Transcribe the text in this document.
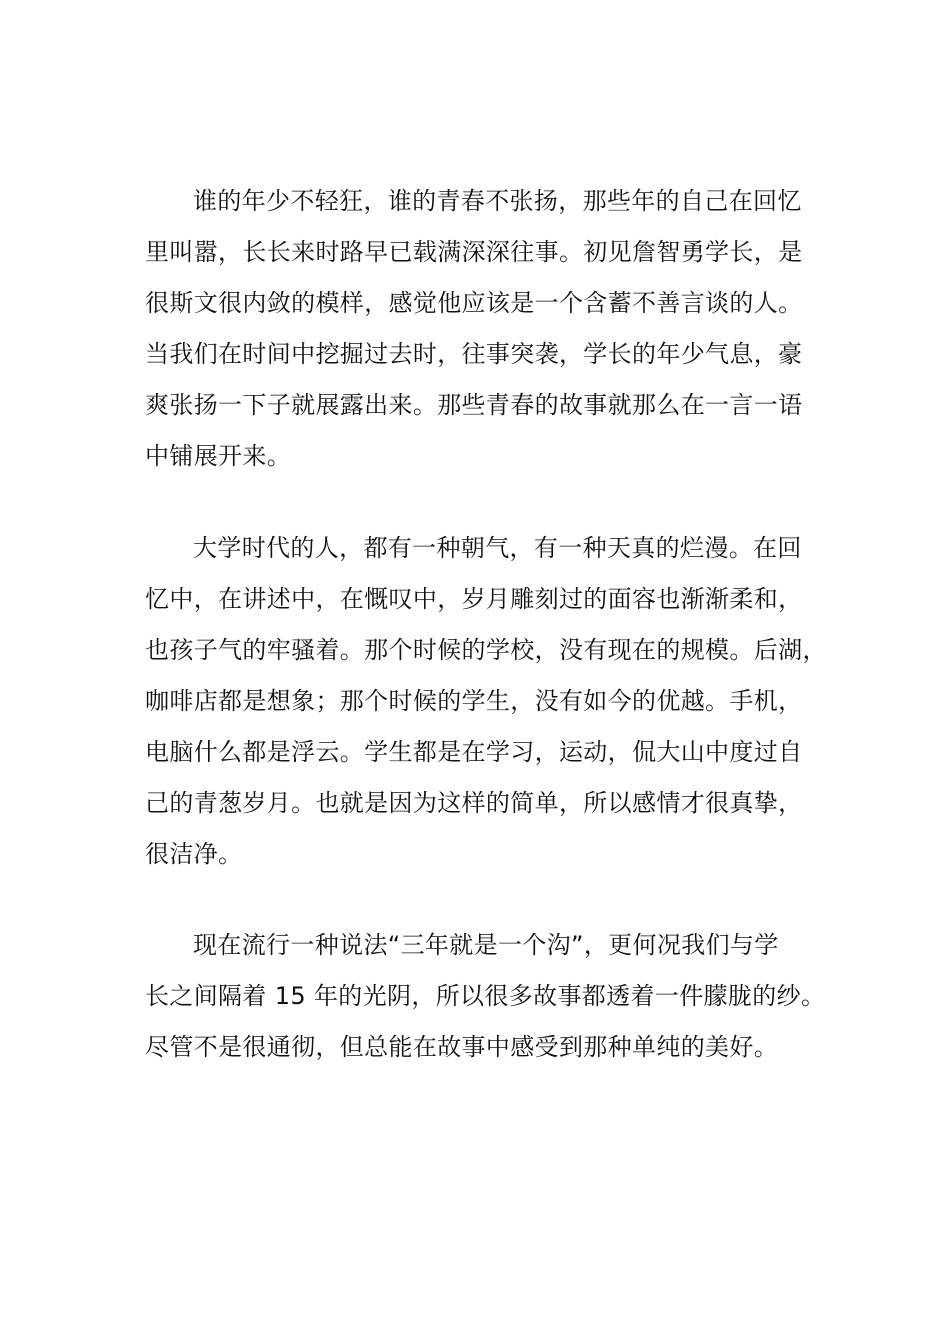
谁的年少不轻狂，谁的青春不张扬，那些年的自己在回忆
里叫嚣，长长来时路早已载满深深往事。初见詹智勇学长，是
很斯文很内敛的模样，感觉他应该是一个含蓄不善言谈的人。
当我们在时间中挖掘过去时，往事突袭，学长的年少气息，豪
爽张扬一下子就展露出来。那些青春的故事就那么在一言一语
中铺展开来。
大学时代的人，都有一种朝气，有一种天真的烂漫。在回
忆中，在讲述中，在慨叹中，岁月雕刻过的面容也渐渐柔和，
也孩子气的牢骚着。那个时候的学校，没有现在的规模。后湖，
咖啡店都是想象；那个时候的学生，没有如今的优越。手机，
电脑什么都是浮云。学生都是在学习，运动，侃大山中度过自
己的青葱岁月。也就是因为这样的简单，所以感情才很真挚，
很洁净。
现在流行一种说法“三年就是一个沟”，更何况我们与学
长之间隔着 15 年的光阴，所以很多故事都透着一件朦胧的纱。
尽管不是很通彻，但总能在故事中感受到那种单纯的美好。
